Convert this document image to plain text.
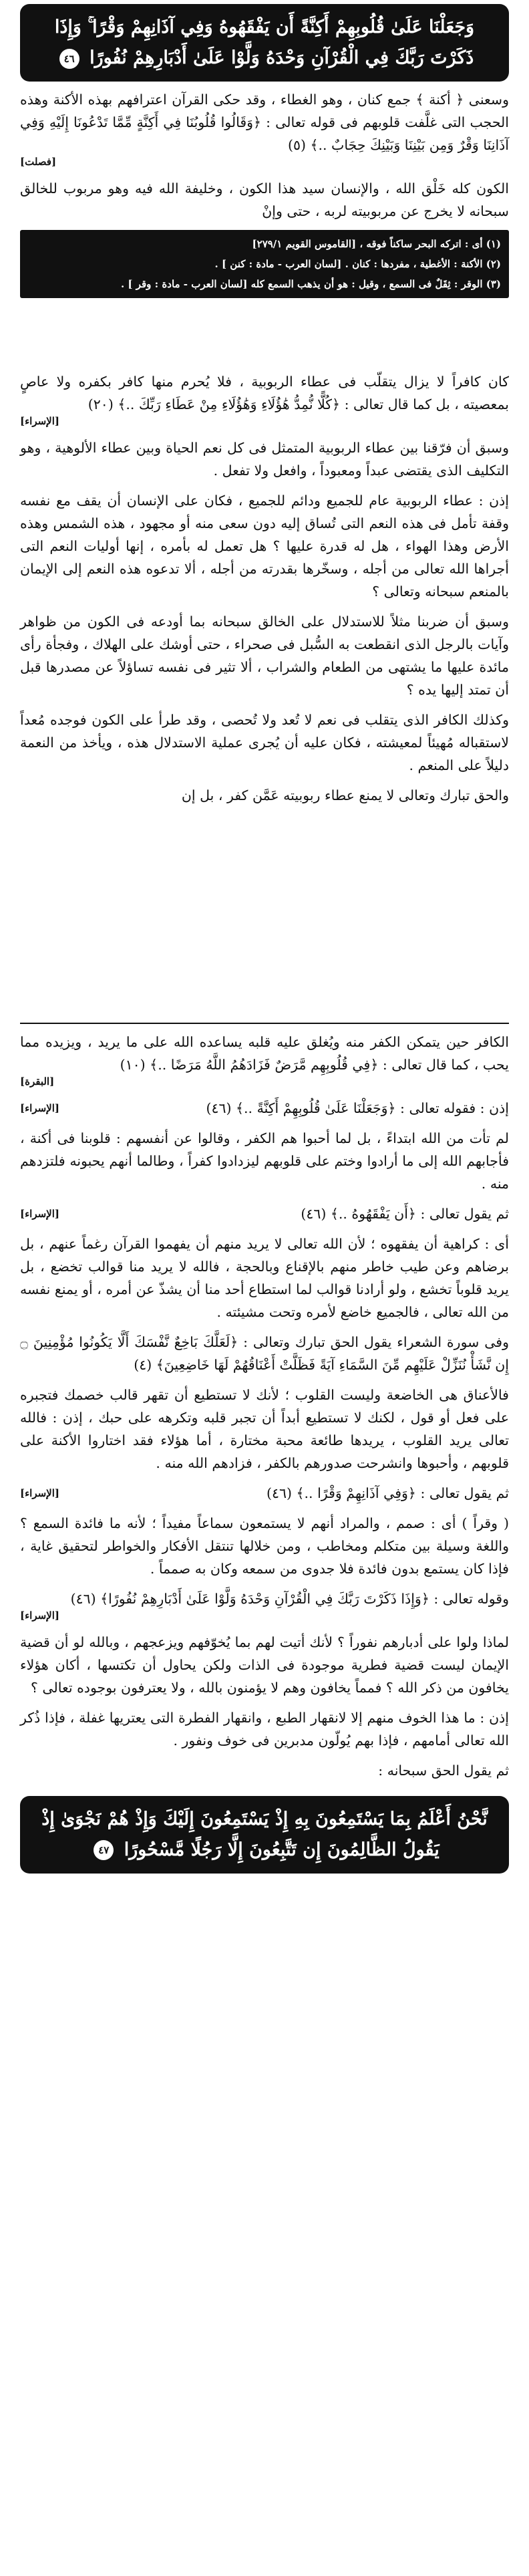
وَجَعَلْنَا عَلَىٰ قُلُوبِهِمْ أَكِنَّةً أَن يَفْقَهُوهُ وَفِي آذَانِهِمْ وَقْرًا ۚ وَإِذَا ذَكَرْتَ رَبَّكَ فِي الْقُرْآنِ وَحْدَهُ وَلَّوْا عَلَىٰ أَدْبَارِهِمْ نُفُورًا ٤٦

وسعنى ﴿ أكنة ﴾ جمع كنان ، وهو الغطاء ، وقد حكى القرآن اعترافهم بهذه الأكنة وهذه الحجب التى غلَّفت قلوبهم فى قوله تعالى : ﴿وَقَالُوا قُلُوبُنَا فِي أَكِنَّةٍ مِّمَّا تَدْعُونَا إِلَيْهِ وَفِي آذَانِنَا وَقْرٌ وَمِن بَيْنِنَا وَبَيْنِكَ حِجَابٌ ..﴾ (٥)
[فصلت]

الكون كله خَلْق الله ، والإنسان سيد هذا الكون ، وخليفة الله فيه وهو مربوب للخالق سبحانه لا يخرج عن مربوبيته لربه ، حتى وإنْ

(١) أى : اتركه البحر ساكناً فوقه ، [القاموس القويم ٢٧٩/١]
(٢) الأكنة : الأغطية ، مفردها : كنان . [لسان العرب - مادة : كنن ] .
(٣) الوقر : ثِقَلٌ فى السمع ، وقيل : هو أن يذهب السمع كله [لسان العرب - مادة : وقر ] .

كان كافراً لا يزال يتقلّب فى عطاء الربوبية ، فلا يُحرم منها كافر بكفره ولا عاصٍ بمعصيته ، بل كما قال تعالى : ﴿كُلًّا نُّمِدُّ هَٰؤُلَاءِ وَهَٰؤُلَاءِ مِنْ عَطَاءِ رَبِّكَ ..﴾ (٢٠)
[الإسراء]

وسبق أن فرّقنا بين عطاء الربوبية المتمثل فى كل نعم الحياة وبين عطاء الألوهية ، وهو التكليف الذى يقتضى عبداً ومعبوداً ، وافعل ولا تفعل .

إذن : عطاء الربوبية عام للجميع ودائم للجميع ، فكان على الإنسان أن يقف مع نفسه وقفة تأمل فى هذه النعم التى تُساق إليه دون سعى منه أو مجهود ، هذه الشمس وهذه الأرض وهذا الهواء ، هل له قدرة عليها ؟ هل تعمل له بأمره ، إنها أوليات النعم التى أجراها الله تعالى من أجله ، وسخّرها بقدرته من أجله ، ألا تدعوه هذه النعم إلى الإيمان بالمنعم سبحانه وتعالى ؟

وسبق أن ضربنا مثلاً للاستدلال على الخالق سبحانه بما أودعه فى الكون من ظواهر وآيات بالرجل الذى انقطعت به السُّبل فى صحراء ، حتى أوشك على الهلاك ، وفجأة رأى مائدة عليها ما يشتهى من الطعام والشراب ، ألا تثير فى نفسه تساؤلاً عن مصدرها قبل أن تمتد إليها يده ؟

وكذلك الكافر الذى يتقلب فى نعم لا تُعد ولا تُحصى ، وقد طرأ على الكون فوجده مُعداً لاستقباله مُهيئاً لمعيشته ، فكان عليه أن يُجرى عملية الاستدلال هذه ، ويأخذ من النعمة دليلاً على المنعم .

والحق تبارك وتعالى لا يمنع عطاء ربوبيته عَمَّن كفر ، بل إن

الكافر حين يتمكن الكفر منه ويُغلق عليه قلبه يساعده الله على ما يريد ، ويزيده مما يحب ، كما قال تعالى : ﴿فِي قُلُوبِهِم مَّرَضٌ فَزَادَهُمُ اللَّهُ مَرَضًا ..﴾ (١٠)
[البقرة]

إذن : فقوله تعالى : ﴿وَجَعَلْنَا عَلَىٰ قُلُوبِهِمْ أَكِنَّةً ..﴾ (٤٦)
[الإسراء]

لم تأت من الله ابتداءً ، بل لما أحبوا هم الكفر ، وقالوا عن أنفسهم : قلوبنا فى أكنة ، فأجابهم الله إلى ما أرادوا وختم على قلوبهم ليزدادوا كفراً ، وطالما أنهم يحبونه فلتزدهم منه .

ثم يقول تعالى : ﴿أَن يَفْقَهُوهُ ..﴾ (٤٦)
[الإسراء]

أى : كراهية أن يفقهوه ؛ لأن الله تعالى لا يريد منهم أن يفهموا القرآن رغماً عنهم ، بل برضاهم وعن طيب خاطر منهم بالإقناع وبالحجة ، فالله لا يريد منا قوالب تخضع ، بل يريد قلوباً تخشع ، ولو أرادنا قوالب لما استطاع أحد منا أن يشذّ عن أمره ، أو يمنع نفسه من الله تعالى ، فالجميع خاضع لأمره وتحت مشيئته .

وفى سورة الشعراء يقول الحق تبارك وتعالى : ﴿لَعَلَّكَ بَاخِعٌ نَّفْسَكَ أَلَّا يَكُونُوا مُؤْمِنِينَ ۝ إِن نَّشَأْ نُنَزِّلْ عَلَيْهِم مِّنَ السَّمَاءِ آيَةً فَظَلَّتْ أَعْنَاقُهُمْ لَهَا خَاضِعِينَ﴾ (٤)

فالأعناق هى الخاضعة وليست القلوب ؛ لأنك لا تستطيع أن تقهر قالب خصمك فتجبره على فعل أو قول ، لكنك لا تستطيع أبداً أن تجبر قلبه وتكرهه على حبك ، إذن : فالله تعالى يريد القلوب ، يريدها طائعة محبة مختارة ، أما هؤلاء فقد اختاروا الأكنة على قلوبهم ، وأحبوها وانشرحت صدورهم بالكفر ، فزادهم الله منه .

ثم يقول تعالى : ﴿وَفِي آذَانِهِمْ وَقْرًا ..﴾ (٤٦)
[الإسراء]

( وقراً ) أى : صمم ، والمراد أنهم لا يستمعون سماعاً مفيداً ؛ لأنه ما فائدة السمع ؟ واللغة وسيلة بين متكلم ومخاطب ، ومن خلالها تنتقل الأفكار والخواطر لتحقيق غاية ، فإذا كان يستمع بدون فائدة فلا جدوى من سمعه وكان به صمماً .

وقوله تعالى : ﴿وَإِذَا ذَكَرْتَ رَبَّكَ فِي الْقُرْآنِ وَحْدَهُ وَلَّوْا عَلَىٰ أَدْبَارِهِمْ نُفُورًا﴾ (٤٦)
[الإسراء]

لماذا ولوا على أدبارهم نفوراً ؟ لأنك أتيت لهم بما يُخوّفهم ويزعجهم ، وبالله لو أن قضية الإيمان ليست قضية فطرية موجودة فى الذات ولكن يحاول أن تكتسها ، أكان هؤلاء يخافون من ذكر الله ؟ فمماً يخافون وهم لا يؤمنون بالله ، ولا يعترفون بوجوده تعالى ؟

إذن : ما هذا الخوف منهم إلا لانقهار الطبع ، وانقهار الفطرة التى يعتريها غفلة ، فإذا ذُكر الله تعالى أمامهم ، فإذا بهم يُولّون مدبرين فى خوف ونفور .

ثم يقول الحق سبحانه :

نَّحْنُ أَعْلَمُ بِمَا يَسْتَمِعُونَ بِهِ إِذْ يَسْتَمِعُونَ إِلَيْكَ وَإِذْ هُمْ نَجْوَىٰ إِذْ يَقُولُ الظَّالِمُونَ إِن تَتَّبِعُونَ إِلَّا رَجُلًا مَّسْحُورًا ٤٧
